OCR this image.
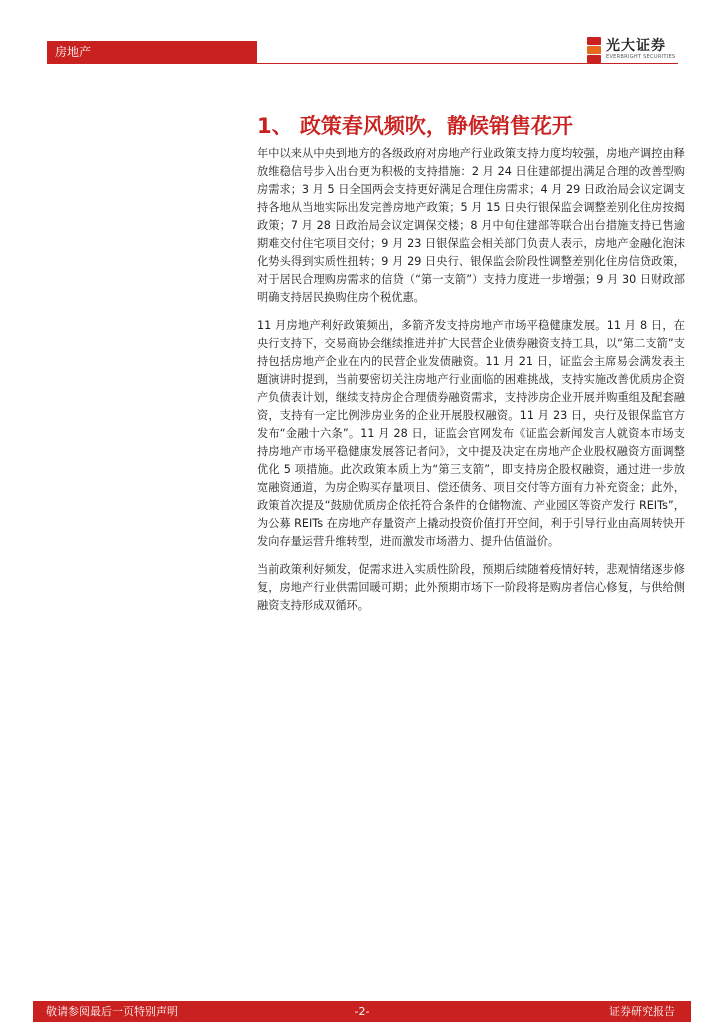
房地产	光大证券
EVERBRIGHT SECURITIES
1、 政策春风频吹，静候销售花开

年中以来从中央到地方的各级政府对房地产行业政策支持力度均较强，房地产调控由释放维稳信号步入出台更为积极的支持措施：2 月 24 日住建部提出满足合理的改善型购房需求；3 月 5 日全国两会支持更好满足合理住房需求；4 月 29 日政治局会议定调支持各地从当地实际出发完善房地产政策；5 月 15 日央行银保监会调整差别化住房按揭政策；7 月 28 日政治局会议定调保交楼；8 月中旬住建部等联合出台措施支持已售逾期难交付住宅项目交付；9 月 23 日银保监会相关部门负责人表示，房地产金融化泡沫化势头得到实质性扭转；9 月 29 日央行、银保监会阶段性调整差别化住房信贷政策，对于居民合理购房需求的信贷（“第一支箭”）支持力度进一步增强；9 月 30 日财政部明确支持居民换购住房个税优惠。

11 月房地产利好政策频出，多箭齐发支持房地产市场平稳健康发展。11 月 8 日，在央行支持下，交易商协会继续推进并扩大民营企业债券融资支持工具，以“第二支箭”支持包括房地产企业在内的民营企业发债融资。11 月 21 日，证监会主席易会满发表主题演讲时提到，当前要密切关注房地产行业面临的困难挑战，支持实施改善优质房企资产负债表计划，继续支持房企合理债券融资需求，支持涉房企业开展并购重组及配套融资，支持有一定比例涉房业务的企业开展股权融资。11 月 23 日，央行及银保监官方发布“金融十六条”。11 月 28 日，证监会官网发布《证监会新闻发言人就资本市场支持房地产市场平稳健康发展答记者问》，文中提及决定在房地产企业股权融资方面调整优化 5 项措施。此次政策本质上为“第三支箭”，即支持房企股权融资，通过进一步放宽融资通道，为房企购买存量项目、偿还债务、项目交付等方面有力补充资金；此外，政策首次提及“鼓励优质房企依托符合条件的仓储物流、产业园区等资产发行 REITs”，为公募 REITs 在房地产存量资产上撬动投资价值打开空间，利于引导行业由高周转快开发向存量运营升维转型，进而激发市场潜力、提升估值溢价。

当前政策利好频发，促需求进入实质性阶段，预期后续随着疫情好转，悲观情绪逐步修复，房地产行业供需回暖可期；此外预期市场下一阶段将是购房者信心修复，与供给侧融资支持形成双循环。

敬请参阅最后一页特别声明	-2-	证券研究报告
